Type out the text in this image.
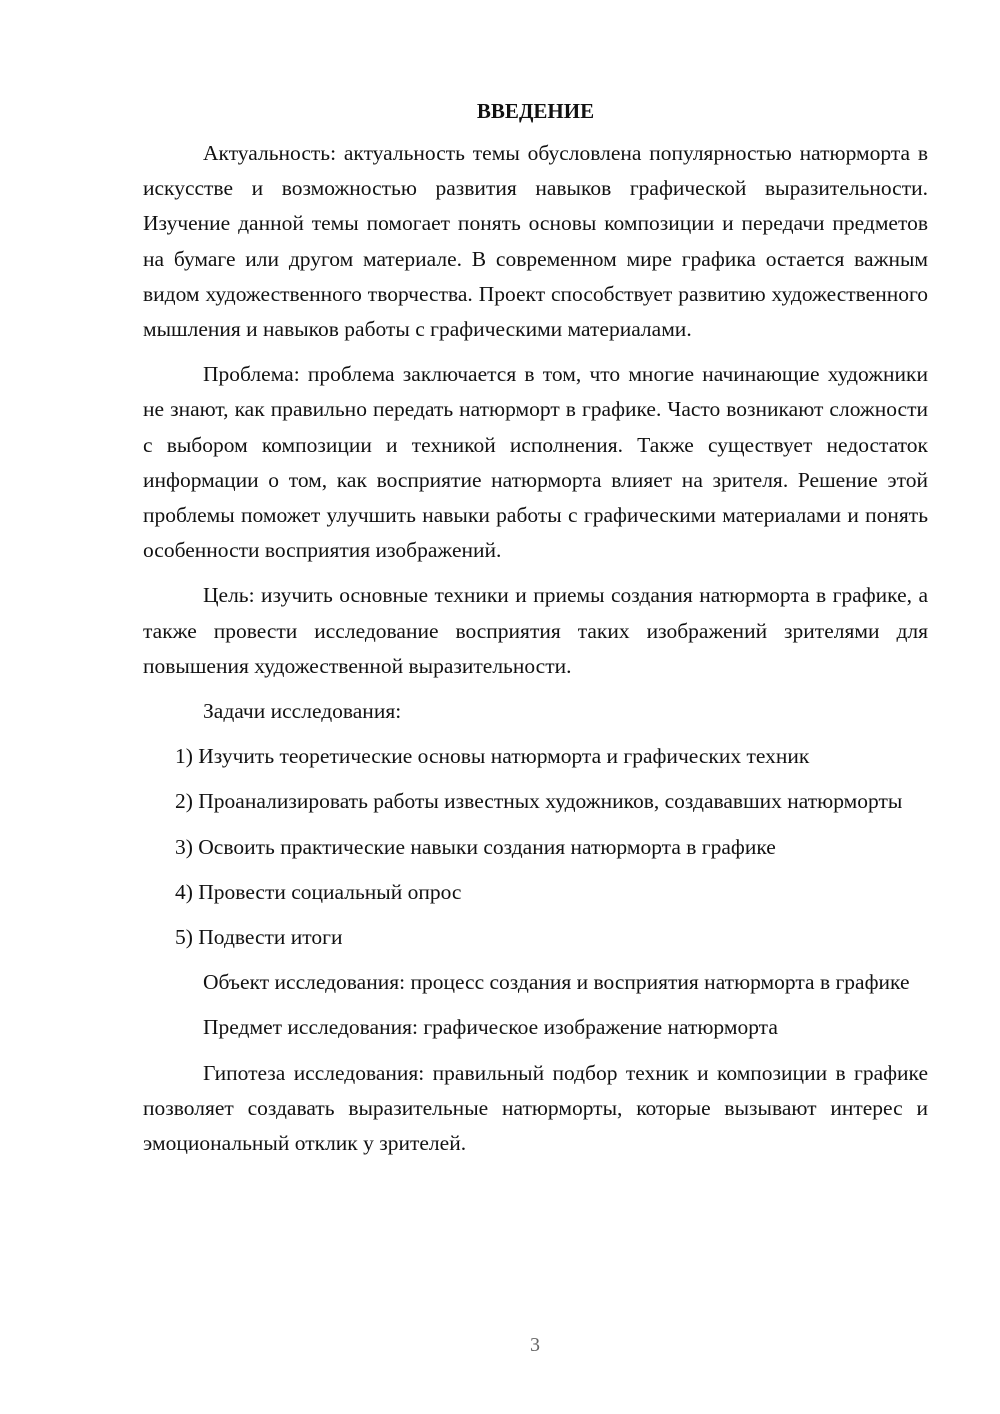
ВВЕДЕНИЕ

Актуальность: актуальность темы обусловлена популярностью натюрморта в искусстве и возможностью развития навыков графической выразительности. Изучение данной темы помогает понять основы композиции и передачи предметов на бумаге или другом материале. В современном мире графика остается важным видом художественного творчества. Проект способствует развитию художественного мышления и навыков работы с графическими материалами.

Проблема: проблема заключается в том, что многие начинающие художники не знают, как правильно передать натюрморт в графике. Часто возникают сложности с выбором композиции и техникой исполнения. Также существует недостаток информации о том, как восприятие натюрморта влияет на зрителя. Решение этой проблемы поможет улучшить навыки работы с графическими материалами и понять особенности восприятия изображений.

Цель: изучить основные техники и приемы создания натюрморта в графике, а также провести исследование восприятия таких изображений зрителями для повышения художественной выразительности.

Задачи исследования:

1) Изучить теоретические основы натюрморта и графических техник

2) Проанализировать работы известных художников, создававших натюрморты

3) Освоить практические навыки создания натюрморта в графике

4) Провести социальный опрос

5) Подвести итоги

Объект исследования: процесс создания и восприятия натюрморта в графике

Предмет исследования: графическое изображение натюрморта

Гипотеза исследования: правильный подбор техник и композиции в графике позволяет создавать выразительные натюрморты, которые вызывают интерес и эмоциональный отклик у зрителей.

3
